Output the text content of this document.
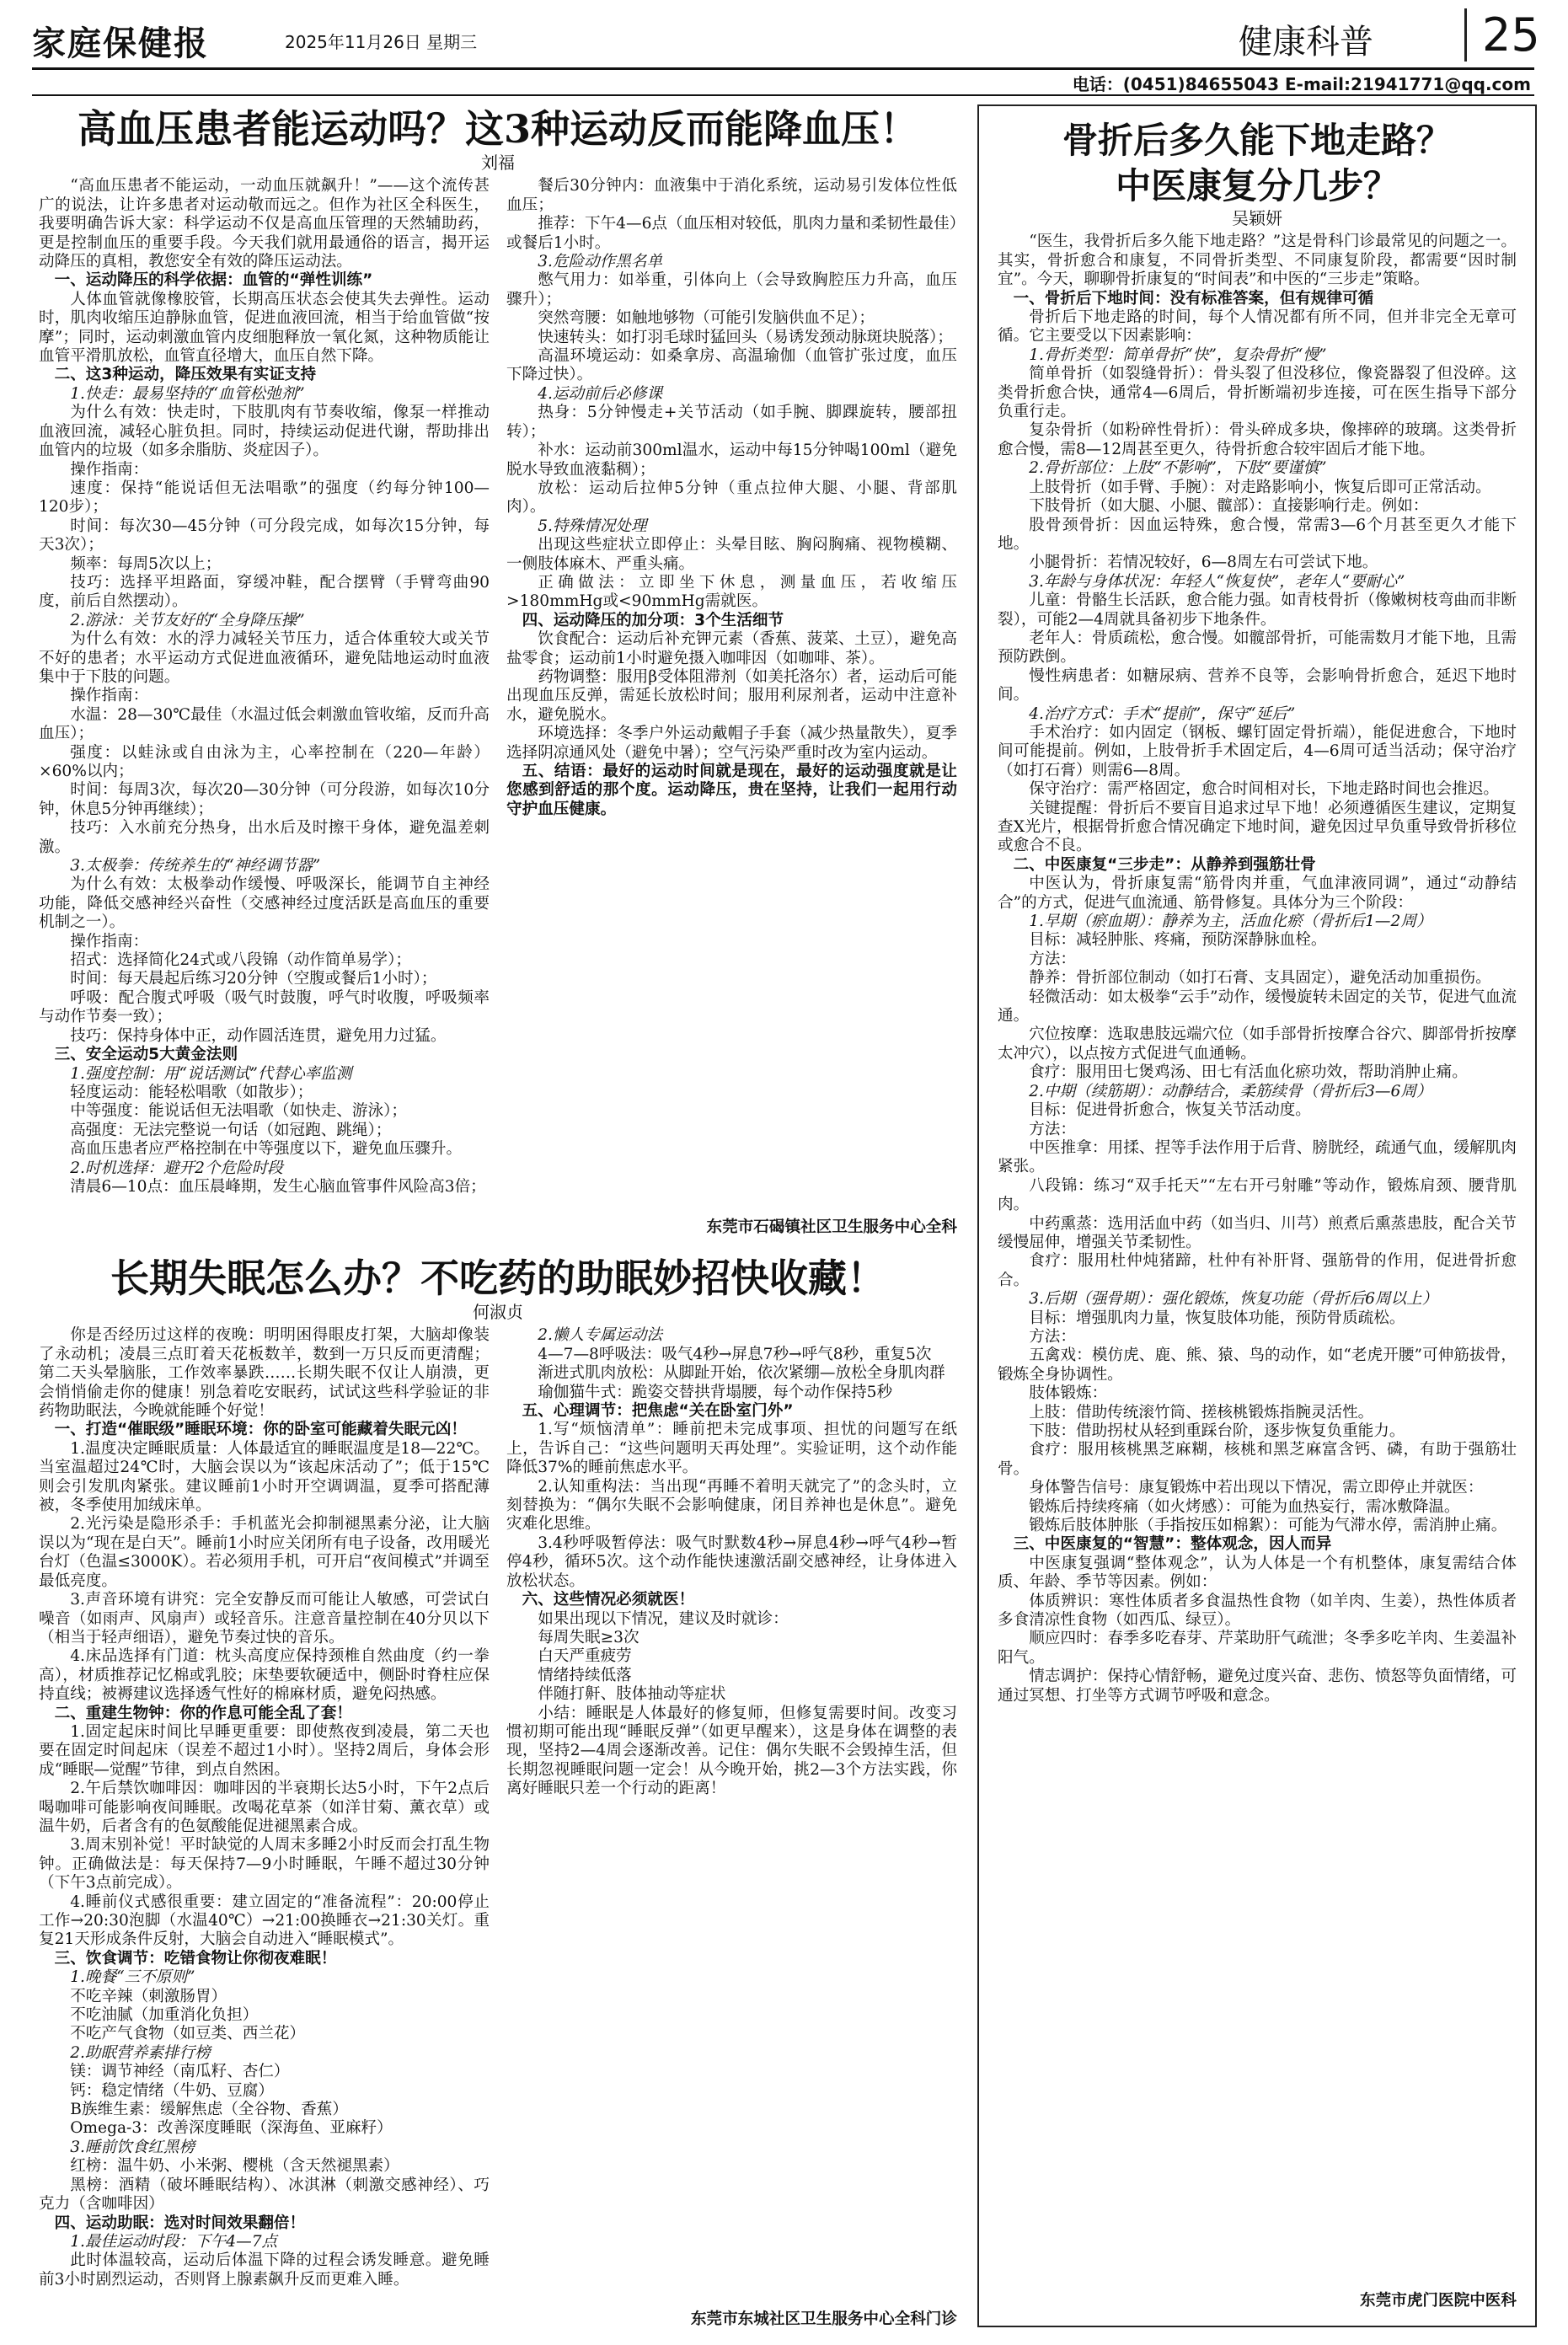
家庭保健报	2025年11月26日 星期三	健康科普	25
电话：(0451)84655043 E-mail:21941771@qq.com
高血压患者能运动吗？这3种运动反而能降血压！
刘福

“高血压患者不能运动，一动血压就飙升！”——这个流传甚广的说法，让许多患者对运动敬而远之。但作为社区全科医生，我要明确告诉大家：科学运动不仅是高血压管理的天然辅助药，更是控制血压的重要手段。今天我们就用最通俗的语言，揭开运动降压的真相，教您安全有效的降压运动法。

一、运动降压的科学依据：血管的“弹性训练”

人体血管就像橡胶管，长期高压状态会使其失去弹性。运动时，肌肉收缩压迫静脉血管，促进血液回流，相当于给血管做“按摩”；同时，运动刺激血管内皮细胞释放一氧化氮，这种物质能让血管平滑肌放松，血管直径增大，血压自然下降。

二、这3种运动，降压效果有实证支持

1.快走：最易坚持的“血管松弛剂”

为什么有效：快走时，下肢肌肉有节奏收缩，像泵一样推动血液回流，减轻心脏负担。同时，持续运动促进代谢，帮助排出血管内的垃圾（如多余脂肪、炎症因子）。

操作指南：

速度：保持“能说话但无法唱歌”的强度（约每分钟100—120步）；

时间：每次30—45分钟（可分段完成，如每次15分钟，每天3次）；

频率：每周5次以上；

技巧：选择平坦路面，穿缓冲鞋，配合摆臂（手臂弯曲90度，前后自然摆动）。

2.游泳：关节友好的“全身降压操”

为什么有效：水的浮力减轻关节压力，适合体重较大或关节不好的患者；水平运动方式促进血液循环，避免陆地运动时血液集中于下肢的问题。

操作指南：

水温：28—30℃最佳（水温过低会刺激血管收缩，反而升高血压）；

强度：以蛙泳或自由泳为主，心率控制在（220—年龄）×60%以内；

时间：每周3次，每次20—30分钟（可分段游，如每次10分钟，休息5分钟再继续）；

技巧：入水前充分热身，出水后及时擦干身体，避免温差刺激。

3.太极拳：传统养生的“神经调节器”

为什么有效：太极拳动作缓慢、呼吸深长，能调节自主神经功能，降低交感神经兴奋性（交感神经过度活跃是高血压的重要机制之一）。

操作指南：

招式：选择简化24式或八段锦（动作简单易学）；

时间：每天晨起后练习20分钟（空腹或餐后1小时）；

呼吸：配合腹式呼吸（吸气时鼓腹，呼气时收腹，呼吸频率与动作节奏一致）；

技巧：保持身体中正，动作圆活连贯，避免用力过猛。

三、安全运动5大黄金法则

1.强度控制：用“说话测试”代替心率监测

轻度运动：能轻松唱歌（如散步）；

中等强度：能说话但无法唱歌（如快走、游泳）；

高强度：无法完整说一句话（如冠跑、跳绳）；

高血压患者应严格控制在中等强度以下，避免血压骤升。

2.时机选择：避开2个危险时段

清晨6—10点：血压晨峰期，发生心脑血管事件风险高3倍；

餐后30分钟内：血液集中于消化系统，运动易引发体位性低血压；

推荐：下午4—6点（血压相对较低，肌肉力量和柔韧性最佳）或餐后1小时。

3.危险动作黑名单

憋气用力：如举重，引体向上（会导致胸腔压力升高，血压骤升）；

突然弯腰：如触地够物（可能引发脑供血不足）；

快速转头：如打羽毛球时猛回头（易诱发颈动脉斑块脱落）；

高温环境运动：如桑拿房、高温瑜伽（血管扩张过度，血压下降过快）。

4.运动前后必修课

热身：5分钟慢走+关节活动（如手腕、脚踝旋转，腰部扭转）；

补水：运动前300ml温水，运动中每15分钟喝100ml（避免脱水导致血液黏稠）；

放松：运动后拉伸5分钟（重点拉伸大腿、小腿、背部肌肉）。

5.特殊情况处理

出现这些症状立即停止：头晕目眩、胸闷胸痛、视物模糊、一侧肢体麻木、严重头痛。

正确做法：立即坐下休息，测量血压，若收缩压>180mmHg或<90mmHg需就医。

四、运动降压的加分项：3个生活细节

饮食配合：运动后补充钾元素（香蕉、菠菜、土豆），避免高盐零食；运动前1小时避免摄入咖啡因（如咖啡、茶）。

药物调整：服用β受体阻滞剂（如美托洛尔）者，运动后可能出现血压反弹，需延长放松时间；服用利尿剂者，运动中注意补水，避免脱水。

环境选择：冬季户外运动戴帽子手套（减少热量散失），夏季选择阴凉通风处（避免中暑）；空气污染严重时改为室内运动。

五、结语：最好的运动时间就是现在，最好的运动强度就是让您感到舒适的那个度。运动降压，贵在坚持，让我们一起用行动守护血压健康。

东莞市石碣镇社区卫生服务中心全科
长期失眠怎么办？不吃药的助眠妙招快收藏！
何淑贞

你是否经历过这样的夜晚：明明困得眼皮打架，大脑却像装了永动机；凌晨三点盯着天花板数羊，数到一万只反而更清醒；第二天头晕脑胀，工作效率暴跌……长期失眠不仅让人崩溃，更会悄悄偷走你的健康！别急着吃安眠药，试试这些科学验证的非药物助眠法，今晚就能睡个好觉！

一、打造“催眠级”睡眠环境：你的卧室可能藏着失眠元凶！

1.温度决定睡眠质量：人体最适宜的睡眠温度是18—22℃。当室温超过24℃时，大脑会误以为“该起床活动了”；低于15℃则会引发肌肉紧张。建议睡前1小时开空调调温，夏季可搭配薄被，冬季使用加绒床单。

2.光污染是隐形杀手：手机蓝光会抑制褪黑素分泌，让大脑误以为“现在是白天”。睡前1小时应关闭所有电子设备，改用暖光台灯（色温≤3000K）。若必须用手机，可开启“夜间模式”并调至最低亮度。

3.声音环境有讲究：完全安静反而可能让人敏感，可尝试白噪音（如雨声、风扇声）或轻音乐。注意音量控制在40分贝以下（相当于轻声细语），避免节奏过快的音乐。

4.床品选择有门道：枕头高度应保持颈椎自然曲度（约一拳高），材质推荐记忆棉或乳胶；床垫要软硬适中，侧卧时脊柱应保持直线；被褥建议选择透气性好的棉麻材质，避免闷热感。

二、重建生物钟：你的作息可能全乱了套！

1.固定起床时间比早睡更重要：即使熬夜到凌晨，第二天也要在固定时间起床（误差不超过1小时）。坚持2周后，身体会形成“睡眠—觉醒”节律，到点自然困。

2.午后禁饮咖啡因：咖啡因的半衰期长达5小时，下午2点后喝咖啡可能影响夜间睡眠。改喝花草茶（如洋甘菊、薰衣草）或温牛奶，后者含有的色氨酸能促进褪黑素合成。

3.周末别补觉！平时缺觉的人周末多睡2小时反而会打乱生物钟。正确做法是：每天保持7—9小时睡眠，午睡不超过30分钟（下午3点前完成）。

4.睡前仪式感很重要：建立固定的“准备流程”：20:00停止工作→20:30泡脚（水温40℃）→21:00换睡衣→21:30关灯。重复21天形成条件反射，大脑会自动进入“睡眠模式”。

三、饮食调节：吃错食物让你彻夜难眠！

1.晚餐“三不原则”

不吃辛辣（刺激肠胃）

不吃油腻（加重消化负担）

不吃产气食物（如豆类、西兰花）

2.助眠营养素排行榜

镁：调节神经（南瓜籽、杏仁）

钙：稳定情绪（牛奶、豆腐）

B族维生素：缓解焦虑（全谷物、香蕉）

Omega-3：改善深度睡眠（深海鱼、亚麻籽）

3.睡前饮食红黑榜

红榜：温牛奶、小米粥、樱桃（含天然褪黑素）

黑榜：酒精（破坏睡眠结构）、冰淇淋（刺激交感神经）、巧克力（含咖啡因）

四、运动助眠：选对时间效果翻倍！

1.最佳运动时段：下午4—7点

此时体温较高，运动后体温下降的过程会诱发睡意。避免睡前3小时剧烈运动，否则肾上腺素飙升反而更难入睡。

2.懒人专属运动法

4—7—8呼吸法：吸气4秒→屏息7秒→呼气8秒，重复5次

渐进式肌肉放松：从脚趾开始，依次紧绷—放松全身肌肉群

瑜伽猫牛式：跪姿交替拱背塌腰，每个动作保持5秒

五、心理调节：把焦虑“关在卧室门外”

1.写“烦恼清单”：睡前把未完成事项、担忧的问题写在纸上，告诉自己：“这些问题明天再处理”。实验证明，这个动作能降低37%的睡前焦虑水平。

2.认知重构法：当出现“再睡不着明天就完了”的念头时，立刻替换为：“偶尔失眠不会影响健康，闭目养神也是休息”。避免灾难化思维。

3.4秒呼吸暂停法：吸气时默数4秒→屏息4秒→呼气4秒→暂停4秒，循环5次。这个动作能快速激活副交感神经，让身体进入放松状态。

六、这些情况必须就医！

如果出现以下情况，建议及时就诊：

每周失眠≥3次

白天严重疲劳

情绪持续低落

伴随打鼾、肢体抽动等症状

小结：睡眠是人体最好的修复师，但修复需要时间。改变习惯初期可能出现“睡眠反弹”（如更早醒来），这是身体在调整的表现，坚持2—4周会逐渐改善。记住：偶尔失眠不会毁掉生活，但长期忽视睡眠问题一定会！从今晚开始，挑2—3个方法实践，你离好睡眠只差一个行动的距离！

东莞市东城社区卫生服务中心全科门诊
骨折后多久能下地走路？
中医康复分几步？
吴颖妍

“医生，我骨折后多久能下地走路？”这是骨科门诊最常见的问题之一。其实，骨折愈合和康复，不同骨折类型、不同康复阶段，都需要“因时制宜”。今天，聊聊骨折康复的“时间表”和中医的“三步走”策略。

一、骨折后下地时间：没有标准答案，但有规律可循

骨折后下地走路的时间，每个人情况都有所不同，但并非完全无章可循。它主要受以下因素影响：

1.骨折类型：简单骨折“快”，复杂骨折“慢”

简单骨折（如裂缝骨折）：骨头裂了但没移位，像瓷器裂了但没碎。这类骨折愈合快，通常4—6周后，骨折断端初步连接，可在医生指导下部分负重行走。

复杂骨折（如粉碎性骨折）：骨头碎成多块，像摔碎的玻璃。这类骨折愈合慢，需8—12周甚至更久，待骨折愈合较牢固后才能下地。

2.骨折部位：上肢“不影响”，下肢“要谨慎”

上肢骨折（如手臂、手腕）：对走路影响小，恢复后即可正常活动。

下肢骨折（如大腿、小腿、髋部）：直接影响行走。例如：

股骨颈骨折：因血运特殊，愈合慢，常需3—6个月甚至更久才能下地。

小腿骨折：若情况较好，6—8周左右可尝试下地。

3.年龄与身体状况：年轻人“恢复快”，老年人“要耐心”

儿童：骨骼生长活跃，愈合能力强。如青枝骨折（像嫩树枝弯曲而非断裂），可能2—4周就具备初步下地条件。

老年人：骨质疏松，愈合慢。如髋部骨折，可能需数月才能下地，且需预防跌倒。

慢性病患者：如糖尿病、营养不良等，会影响骨折愈合，延迟下地时间。

4.治疗方式：手术“提前”，保守“延后”

手术治疗：如内固定（钢板、螺钉固定骨折端），能促进愈合，下地时间可能提前。例如，上肢骨折手术固定后，4—6周可适当活动；保守治疗（如打石膏）则需6—8周。

保守治疗：需严格固定，愈合时间相对长，下地走路时间也会推迟。

关键提醒：骨折后不要盲目追求过早下地！必须遵循医生建议，定期复查X光片，根据骨折愈合情况确定下地时间，避免因过早负重导致骨折移位或愈合不良。

二、中医康复“三步走”：从静养到强筋壮骨

中医认为，骨折康复需“筋骨肉并重，气血津液同调”，通过“动静结合”的方式，促进气血流通、筋骨修复。具体分为三个阶段：

1.早期（瘀血期）：静养为主，活血化瘀（骨折后1—2周）

目标：减轻肿胀、疼痛，预防深静脉血栓。

方法：

静养：骨折部位制动（如打石膏、支具固定），避免活动加重损伤。

轻微活动：如太极拳“云手”动作，缓慢旋转未固定的关节，促进气血流通。

穴位按摩：选取患肢远端穴位（如手部骨折按摩合谷穴、脚部骨折按摩太冲穴），以点按方式促进气血通畅。

食疗：服用田七煲鸡汤、田七有活血化瘀功效，帮助消肿止痛。

2.中期（续筋期）：动静结合，柔筋续骨（骨折后3—6周）

目标：促进骨折愈合，恢复关节活动度。

方法：

中医推拿：用揉、捏等手法作用于后背、膀胱经，疏通气血，缓解肌肉紧张。

八段锦：练习“双手托天”“左右开弓射雕”等动作，锻炼肩颈、腰背肌肉。

中药熏蒸：选用活血中药（如当归、川芎）煎煮后熏蒸患肢，配合关节缓慢屈伸，增强关节柔韧性。

食疗：服用杜仲炖猪蹄，杜仲有补肝肾、强筋骨的作用，促进骨折愈合。

3.后期（强骨期）：强化锻炼，恢复功能（骨折后6周以上）

目标：增强肌肉力量，恢复肢体功能，预防骨质疏松。

方法：

五禽戏：模仿虎、鹿、熊、猿、鸟的动作，如“老虎开腰”可伸筋拔骨，锻炼全身协调性。

肢体锻炼：

上肢：借助传统滚竹筒、搓核桃锻炼指腕灵活性。

下肢：借助拐杖从轻到重踩台阶，逐步恢复负重能力。

食疗：服用核桃黑芝麻糊，核桃和黑芝麻富含钙、磷，有助于强筋壮骨。

身体警告信号：康复锻炼中若出现以下情况，需立即停止并就医：

锻炼后持续疼痛（如火烤感）：可能为血热妄行，需冰敷降温。

锻炼后肢体肿胀（手指按压如棉絮）：可能为气滞水停，需消肿止痛。

三、中医康复的“智慧”：整体观念，因人而异

中医康复强调“整体观念”，认为人体是一个有机整体，康复需结合体质、年龄、季节等因素。例如：

体质辨识：寒性体质者多食温热性食物（如羊肉、生姜），热性体质者多食清凉性食物（如西瓜、绿豆）。

顺应四时：春季多吃春芽、芹菜助肝气疏泄；冬季多吃羊肉、生姜温补阳气。

情志调护：保持心情舒畅，避免过度兴奋、悲伤、愤怒等负面情绪，可通过冥想、打坐等方式调节呼吸和意念。

东莞市虎门医院中医科
